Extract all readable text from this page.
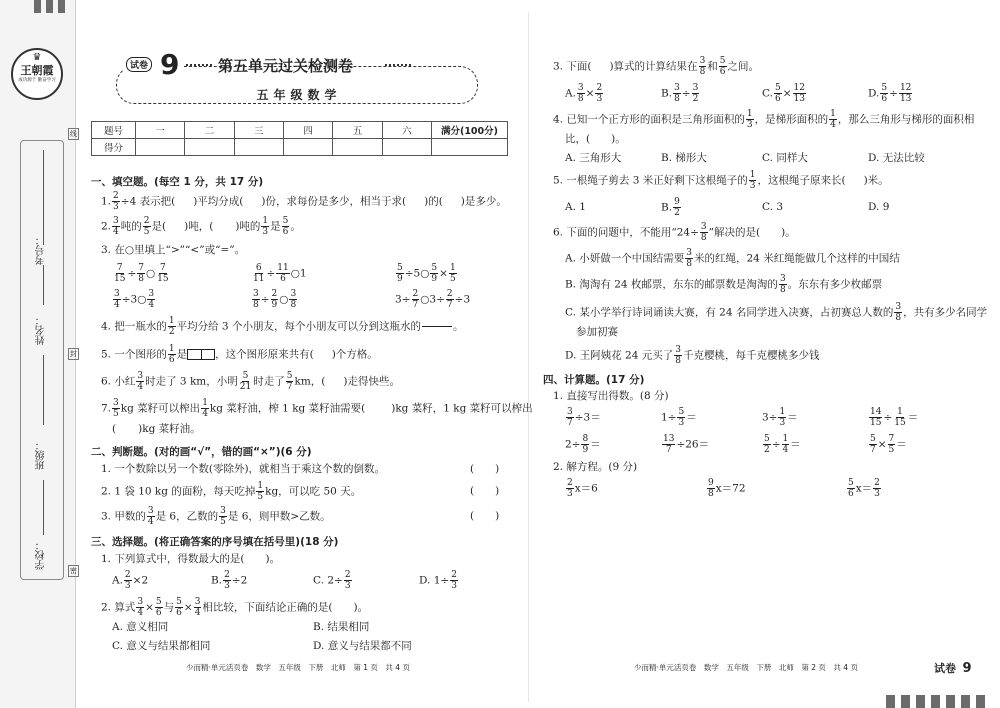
♛
王朝霞
成功源于 勤奋学习
考号：
姓名：
班级：
学校：
线
封
密
试卷 9	第五单元过关检测卷
五年级数学
题号	一	二	三	四	五	六	满分(100分)
得分							
一、填空题。(每空 1 分，共 17 分)
1. $\frac{2}{3} \div 4$ 表示把( )平均分成( )份，求每份是多少，相当于求( )的( )是多少。
2. $\frac{3}{4}$ 吨的 $\frac{2}{5}$ 是( )吨，( )吨的 $\frac{1}{3}$ 是 $\frac{5}{6}$ 。
3. 在○里填上“>”“<”或“=”。
$\frac{7}{15} \div \frac{7}{8}$ ○ $\frac{7}{15}$	$\frac{6}{11} \div \frac{11}{6}$ ○1	$\frac{5}{9}$ ÷5○ $\frac{5}{9} \times \frac{1}{5}$
$\frac{3}{4}$ ÷3○ $\frac{3}{4}$	$\frac{3}{8} \div \frac{2}{9}$ ○ $\frac{3}{8}$	$3\div \frac{2}{7}$ ○3÷ $\frac{2}{7} \div 3$
4. 把一瓶水的 $\frac{1}{2}$ 平均分给 3 个小朋友，每个小朋友可以分到这瓶水的	。
5. 一个图形的 $\frac{1}{6}$ 是	，这个图形原来共有( )个方格。
6. 小红 $\frac{3}{4}$ 时走了 3 km，小明 $\frac{5}{21}$ 时走了 $\frac{5}{7}$ km，( )走得快些。
7. $\frac{3}{5}$ kg 菜籽可以榨出 $\frac{1}{4}$ kg 菜籽油，榨 1 kg 菜籽油需要( )kg 菜籽，1 kg 菜籽可以榨出
( )kg 菜籽油。
二、判断题。(对的画“√”，错的画“×”)(6 分)
1. 一个数除以另一个数(零除外)，就相当于乘这个数的倒数。	(　　)
2. 1 袋 10 kg 的面粉，每天吃掉 $\frac{1}{5}$ kg，可以吃 50 天。	(　　)
3. 甲数的 $\frac{3}{4}$ 是 6，乙数的 $\frac{3}{5}$ 是 6，则甲数>乙数。	(　　)
三、选择题。(将正确答案的序号填在括号里)(18 分)
1. 下列算式中，得数最大的是(　　)。
A. $\frac{2}{3} \times 2$	B. $\frac{2}{3} \div 2$	C. $2\div \frac{2}{3}$	D. $1\div \frac{2}{3}$
2. 算式 $\frac{3}{4} \times \frac{5}{6}$ 与 $\frac{5}{6} \times \frac{3}{4}$ 相比较，下面结论正确的是(　　)。
A. 意义相同	B. 结果相同
C. 意义与结果都相同	D. 意义与结果都不同
少而精·单元活页卷　数学　五年级　下册　北师　第 1 页　共 4 页
3. 下面( )算式的计算结果在 $\frac{3}{8}$ 和 $\frac{5}{6}$ 之间。
A. $\frac{3}{8} \times \frac{2}{3}$	B. $\frac{3}{8} \div \frac{3}{2}$	C. $\frac{5}{6} \times \frac{12}{13}$	D. $\frac{5}{6} \div \frac{12}{13}$
4. 已知一个正方形的面积是三角形面积的 $\frac{1}{3}$ ，是梯形面积的 $\frac{1}{4}$ ，那么三角形与梯形的面积相
比，(　　)。
A. 三角形大	B. 梯形大	C. 同样大	D. 无法比较
5. 一根绳子剪去 3 米正好剩下这根绳子的 $\frac{1}{3}$ ，这根绳子原来长( )米。
A. 1	B. $\frac{9}{2}$	C. 3	D. 9
6. 下面的问题中，不能用“$24\div \frac{3}{8}$ ”解决的是(　　)。
A. 小妍做一个中国结需要 $\frac{3}{8}$ 米的红绳，24 米红绳能做几个这样的中国结
B. 淘淘有 24 枚邮票，东东的邮票数是淘淘的 $\frac{3}{8}$ 。东东有多少枚邮票
C. 某小学举行诗词诵读大赛，有 24 名同学进入决赛，占初赛总人数的 $\frac{3}{8}$ ，共有多少名同学
参加初赛
D. 王阿姨花 24 元买了 $\frac{3}{8}$ 千克樱桃，每千克樱桃多少钱
四、计算题。(17 分)
1. 直接写出得数。(8 分)
$\frac{3}{7} \div 3=$	$1\div \frac{5}{3}$ ＝	$3\div \frac{1}{3}$ ＝	$\frac{14}{15} \div \frac{1}{15}$ ＝
$2\div \frac{8}{9}$ ＝	$\frac{13}{7} \div 26=$	$\frac{5}{2} \div \frac{1}{4}$ ＝	$\frac{5}{7} \times \frac{7}{5}$ ＝
2. 解方程。(9 分)
$\frac{2}{3} x=6$	$\frac{9}{8} x=72$	$\frac{5}{6} x= \frac{2}{3}$
少而精·单元活页卷　数学　五年级　下册　北师　第 2 页　共 4 页	试卷 9
